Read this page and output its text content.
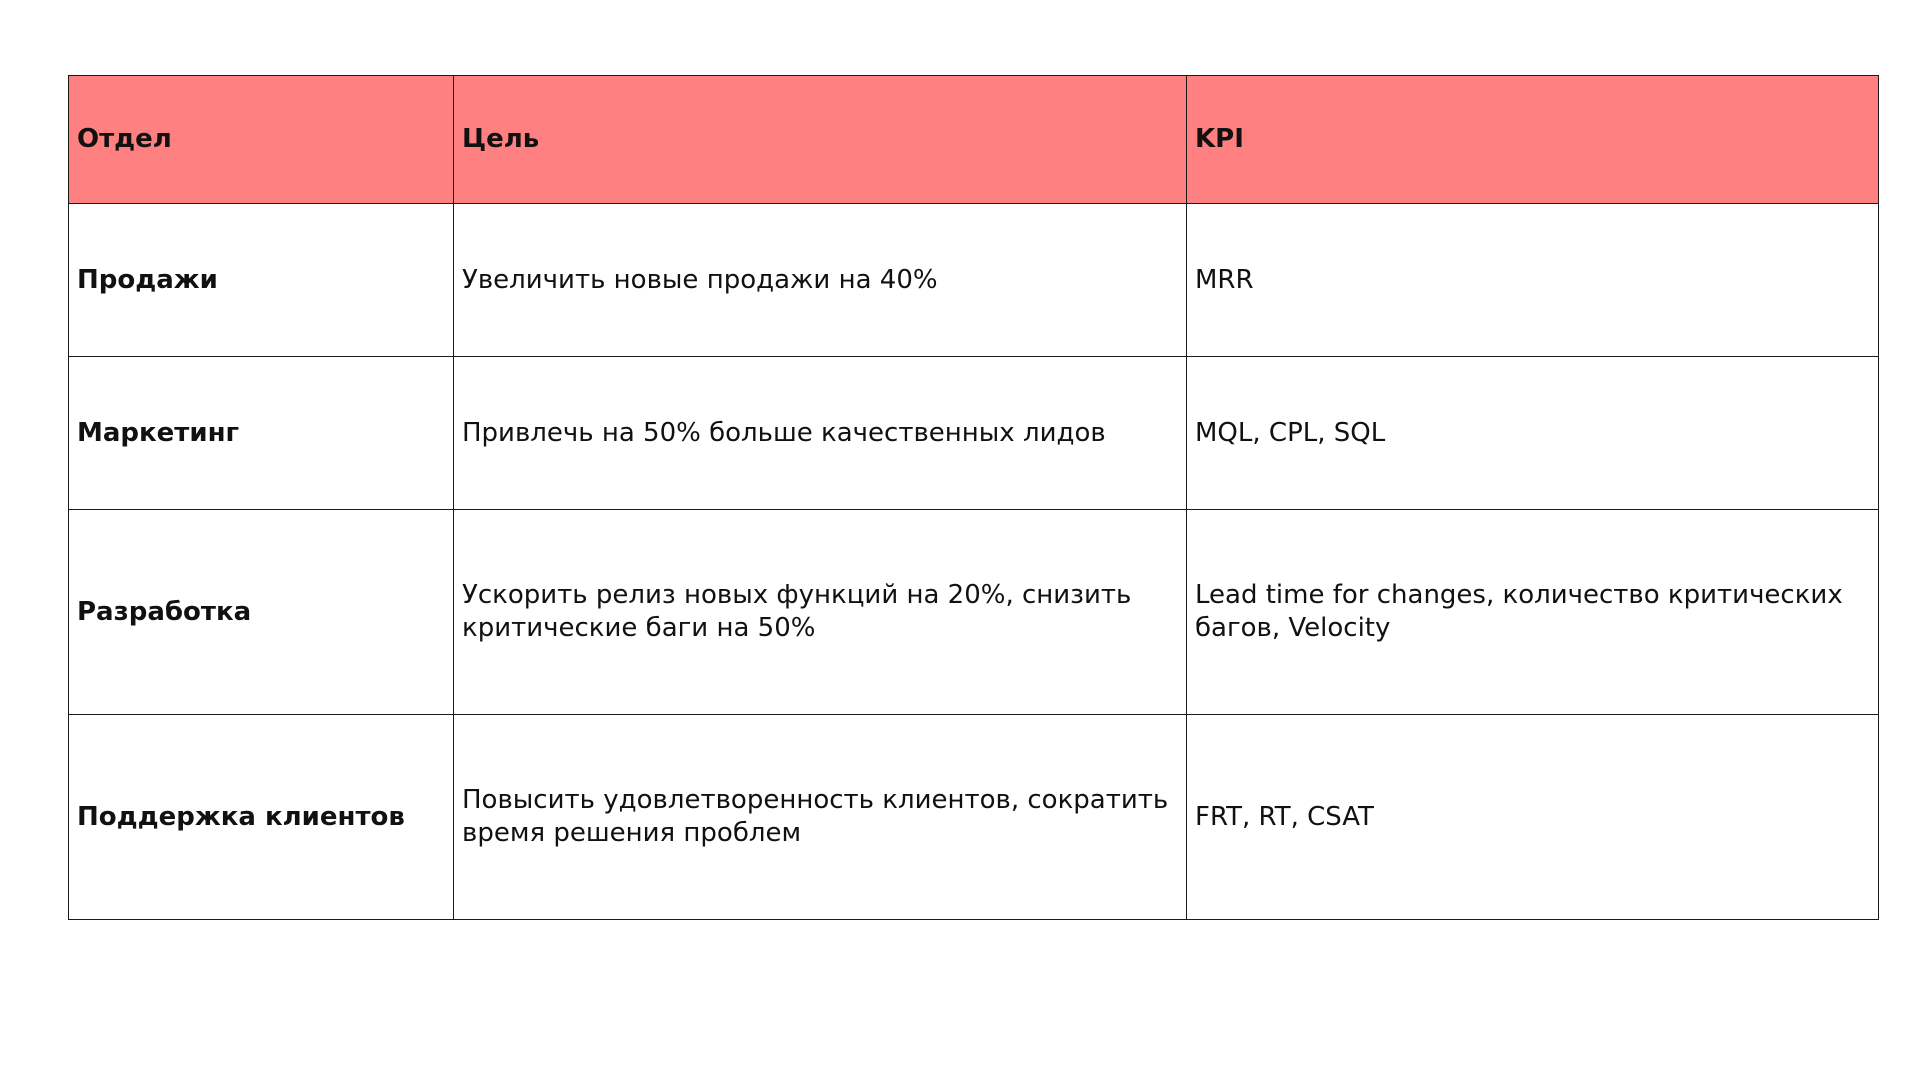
Отдел	Цель	KPI
Продажи	Увеличить новые продажи на 40%	MRR
Маркетинг	Привлечь на 50% больше качественных лидов	MQL, CPL, SQL
Разработка	Ускорить релиз новых функций на 20%, снизить критические баги на 50%	Lead time for changes, количество критических багов, Velocity
Поддержка клиентов	Повысить удовлетворенность клиентов, сократить время решения проблем	FRT, RT, CSAT
